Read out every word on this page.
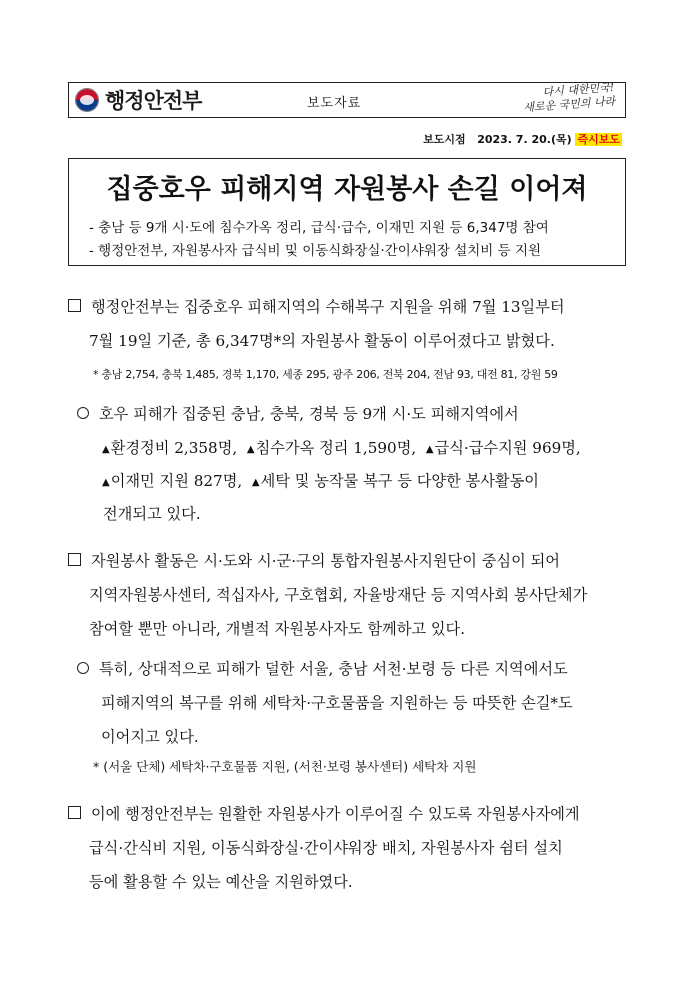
행정안전부	보도자료
다시 대한민국!
새로운 국민의 나라
보도시점 2023. 7. 20.(목) 즉시보도
집중호우 피해지역 자원봉사 손길 이어져
- 충남 등 9개 시·도에 침수가옥 정리, 급식·급수, 이재민 지원 등 6,347명 참여
- 행정안전부, 자원봉사자 급식비 및 이동식화장실·간이샤워장 설치비 등 지원
행정안전부는 집중호우 피해지역의 수해복구 지원을 위해 7월 13일부터
7월 19일 기준, 총 6,347명*의 자원봉사 활동이 이루어졌다고 밝혔다.
* 충남 2,754, 충북 1,485, 경북 1,170, 세종 295, 광주 206, 전북 204, 전남 93, 대전 81, 강원 59
호우 피해가 집중된 충남, 충북, 경북 등 9개 시·도 피해지역에서
▲환경정비 2,358명, ▲침수가옥 정리 1,590명, ▲급식·급수지원 969명,
▲이재민 지원 827명, ▲세탁 및 농작물 복구 등 다양한 봉사활동이
전개되고 있다.
자원봉사 활동은 시·도와 시·군·구의 통합자원봉사지원단이 중심이 되어
지역자원봉사센터, 적십자사, 구호협회, 자율방재단 등 지역사회 봉사단체가
참여할 뿐만 아니라, 개별적 자원봉사자도 함께하고 있다.
특히, 상대적으로 피해가 덜한 서울, 충남 서천·보령 등 다른 지역에서도
피해지역의 복구를 위해 세탁차·구호물품을 지원하는 등 따뜻한 손길*도
이어지고 있다.
* (서울 단체) 세탁차·구호물품 지원, (서천·보령 봉사센터) 세탁차 지원
이에 행정안전부는 원활한 자원봉사가 이루어질 수 있도록 자원봉사자에게
급식·간식비 지원, 이동식화장실·간이샤워장 배치, 자원봉사자 쉼터 설치
등에 활용할 수 있는 예산을 지원하였다.
